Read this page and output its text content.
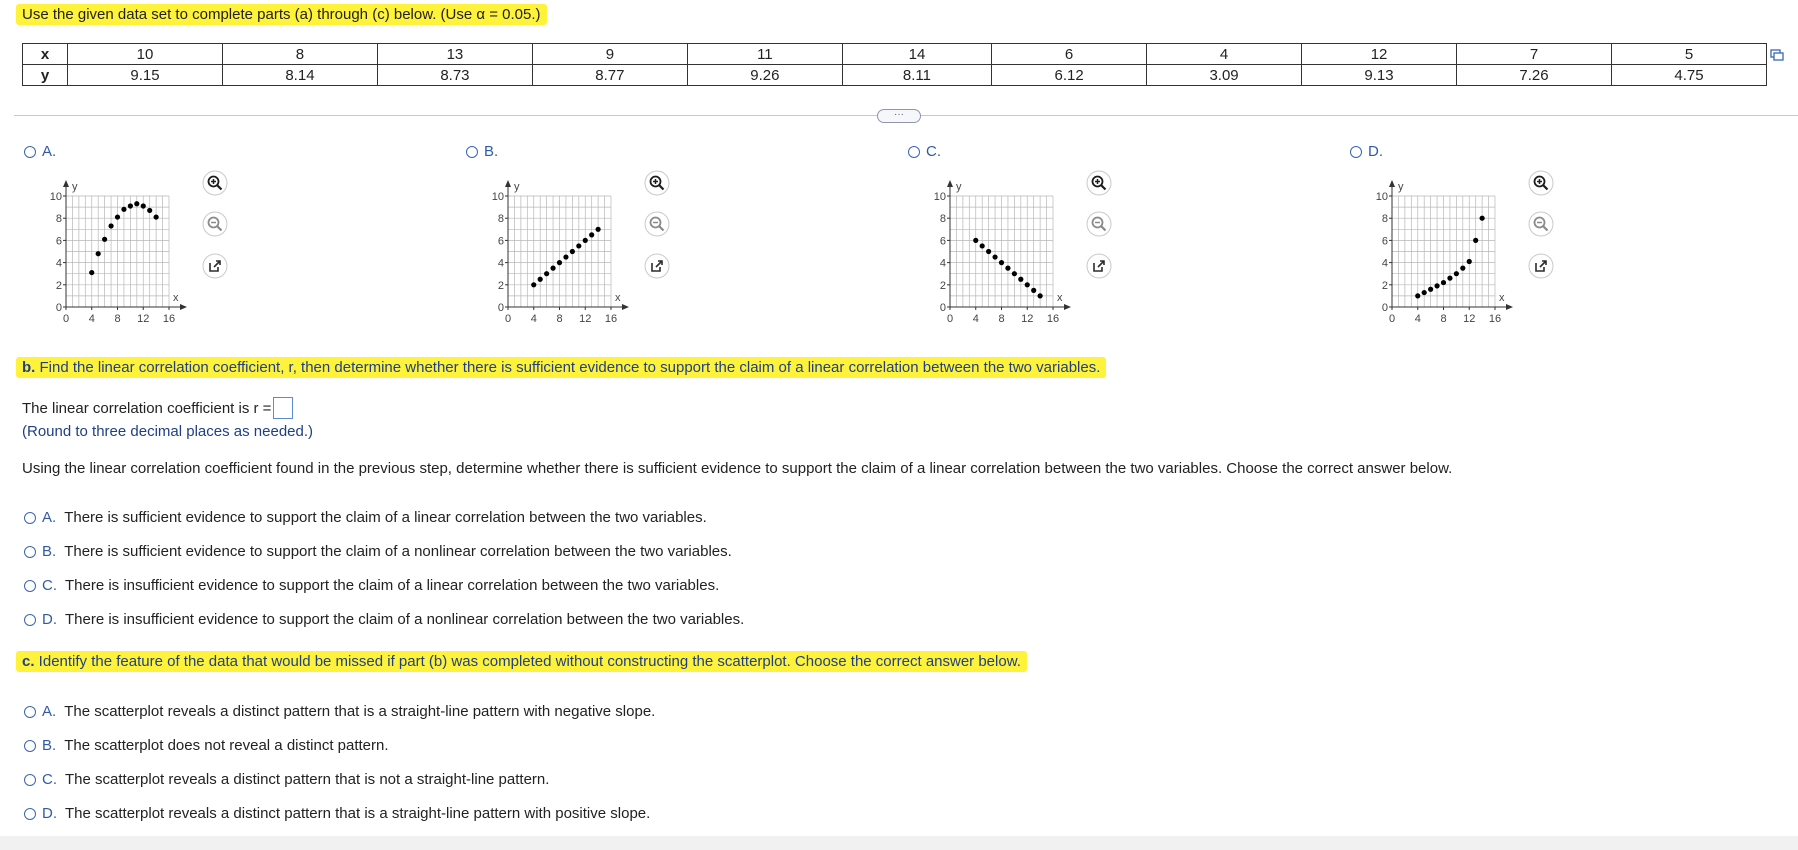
Use the given data set to complete parts (a) through (c) below. (Use α = 0.05.)
x	10	8	13	9	11	14	6	4	12	7	5
y	9.15	8.14	8.73	8.77	9.26	8.11	6.12	3.09	9.13	7.26	4.75
···
A.
10
8
6
4
2
0
0 4 8 12 16
y
x
B.
10
8
6
4
2
0
0 4 8 12 16
y
x
C.
10
8
6
4
2
0
0 4 8 12 16
y
x
D.
10
8
6
4
2
0
0 4 8 12 16
y
x
b. Find the linear correlation coefficient, r, then determine whether there is sufficient evidence to support the claim of a linear correlation between the two variables.
The linear correlation coefficient is r =
(Round to three decimal places as needed.)
Using the linear correlation coefficient found in the previous step, determine whether there is sufficient evidence to support the claim of a linear correlation between the two variables. Choose the correct answer below.
A. There is sufficient evidence to support the claim of a linear correlation between the two variables.
B. There is sufficient evidence to support the claim of a nonlinear correlation between the two variables.
C. There is insufficient evidence to support the claim of a linear correlation between the two variables.
D. There is insufficient evidence to support the claim of a nonlinear correlation between the two variables.
c. Identify the feature of the data that would be missed if part (b) was completed without constructing the scatterplot. Choose the correct answer below.
A. The scatterplot reveals a distinct pattern that is a straight-line pattern with negative slope.
B. The scatterplot does not reveal a distinct pattern.
C. The scatterplot reveals a distinct pattern that is not a straight-line pattern.
D. The scatterplot reveals a distinct pattern that is a straight-line pattern with positive slope.
